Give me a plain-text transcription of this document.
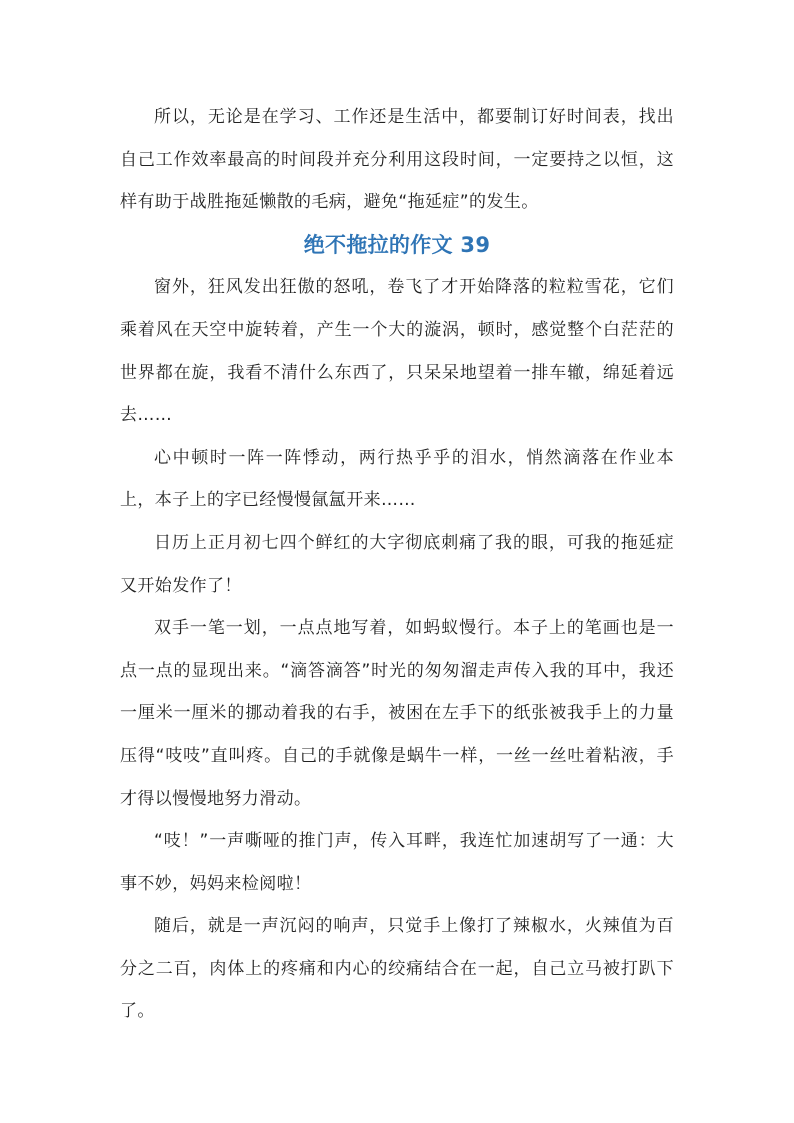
所以，无论是在学习、工作还是生活中，都要制订好时间表，找出自己工作效率最高的时间段并充分利用这段时间，一定要持之以恒，这样有助于战胜拖延懒散的毛病，避免“拖延症”的发生。

绝不拖拉的作文 39

窗外，狂风发出狂傲的怒吼，卷飞了才开始降落的粒粒雪花，它们乘着风在天空中旋转着，产生一个大的漩涡，顿时，感觉整个白茫茫的世界都在旋，我看不清什么东西了，只呆呆地望着一排车辙，绵延着远去……

心中顿时一阵一阵悸动，两行热乎乎的泪水，悄然滴落在作业本上，本子上的字已经慢慢氤氲开来……

日历上正月初七四个鲜红的大字彻底刺痛了我的眼，可我的拖延症又开始发作了！

双手一笔一划，一点点地写着，如蚂蚁慢行。本子上的笔画也是一点一点的显现出来。“滴答滴答”时光的匆匆溜走声传入我的耳中，我还一厘米一厘米的挪动着我的右手，被困在左手下的纸张被我手上的力量压得“吱吱”直叫疼。自己的手就像是蜗牛一样，一丝一丝吐着粘液，手才得以慢慢地努力滑动。

“吱！”一声嘶哑的推门声，传入耳畔，我连忙加速胡写了一通：大事不妙，妈妈来检阅啦！

随后，就是一声沉闷的响声，只觉手上像打了辣椒水，火辣值为百分之二百，肉体上的疼痛和内心的绞痛结合在一起，自己立马被打趴下了。
